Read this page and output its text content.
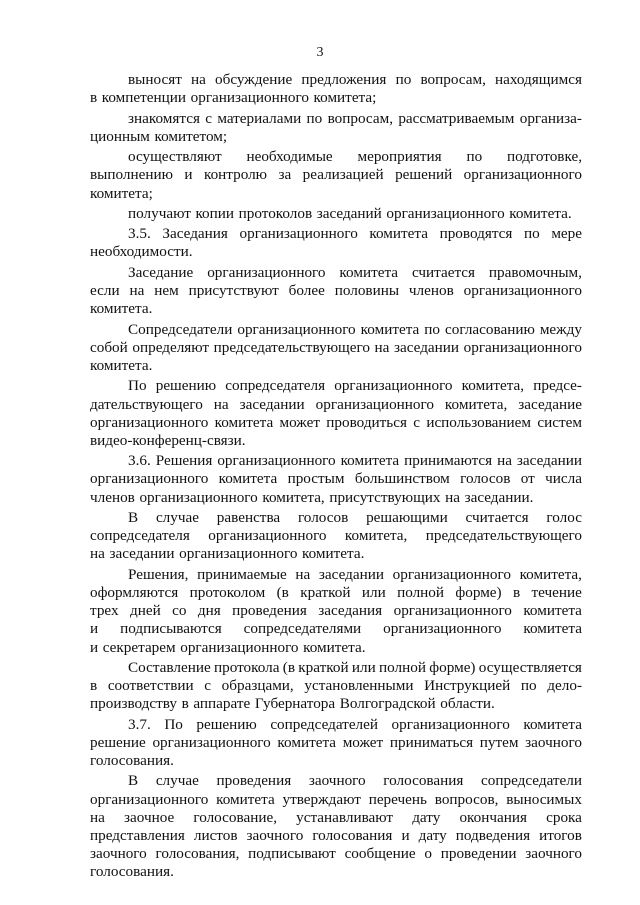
3
выносят на обсуждение предложения по вопросам, находящимся
в компетенции организационного комитета;
знакомятся с материалами по вопросам, рассматриваемым организа-
ционным комитетом;
осуществляют необходимые мероприятия по подготовке,
выполнению и контролю за реализацией решений организационного
комитета;
получают копии протоколов заседаний организационного комитета.
3.5. Заседания организационного комитета проводятся по мере
необходимости.
Заседание организационного комитета считается правомочным,
если на нем присутствуют более половины членов организационного
комитета.
Сопредседатели организационного комитета по согласованию между
собой определяют председательствующего на заседании организационного
комитета.
По решению сопредседателя организационного комитета, предсе-
дательствующего на заседании организационного комитета, заседание
организационного комитета может проводиться с использованием систем
видео-конференц-связи.
3.6. Решения организационного комитета принимаются на заседании
организационного комитета простым большинством голосов от числа
членов организационного комитета, присутствующих на заседании.
В случае равенства голосов решающими считается голос
сопредседателя организационного комитета, председательствующего
на заседании организационного комитета.
Решения, принимаемые на заседании организационного комитета,
оформляются протоколом (в краткой или полной форме) в течение
трех дней со дня проведения заседания организационного комитета
и подписываются сопредседателями организационного комитета
и секретарем организационного комитета.
Составление протокола (в краткой или полной форме) осуществляется
в соответствии с образцами, установленными Инструкцией по дело-
производству в аппарате Губернатора Волгоградской области.
3.7. По решению сопредседателей организационного комитета
решение организационного комитета может приниматься путем заочного
голосования.
В случае проведения заочного голосования сопредседатели
организационного комитета утверждают перечень вопросов, выносимых
на заочное голосование, устанавливают дату окончания срока
представления листов заочного голосования и дату подведения итогов
заочного голосования, подписывают сообщение о проведении заочного
голосования.
